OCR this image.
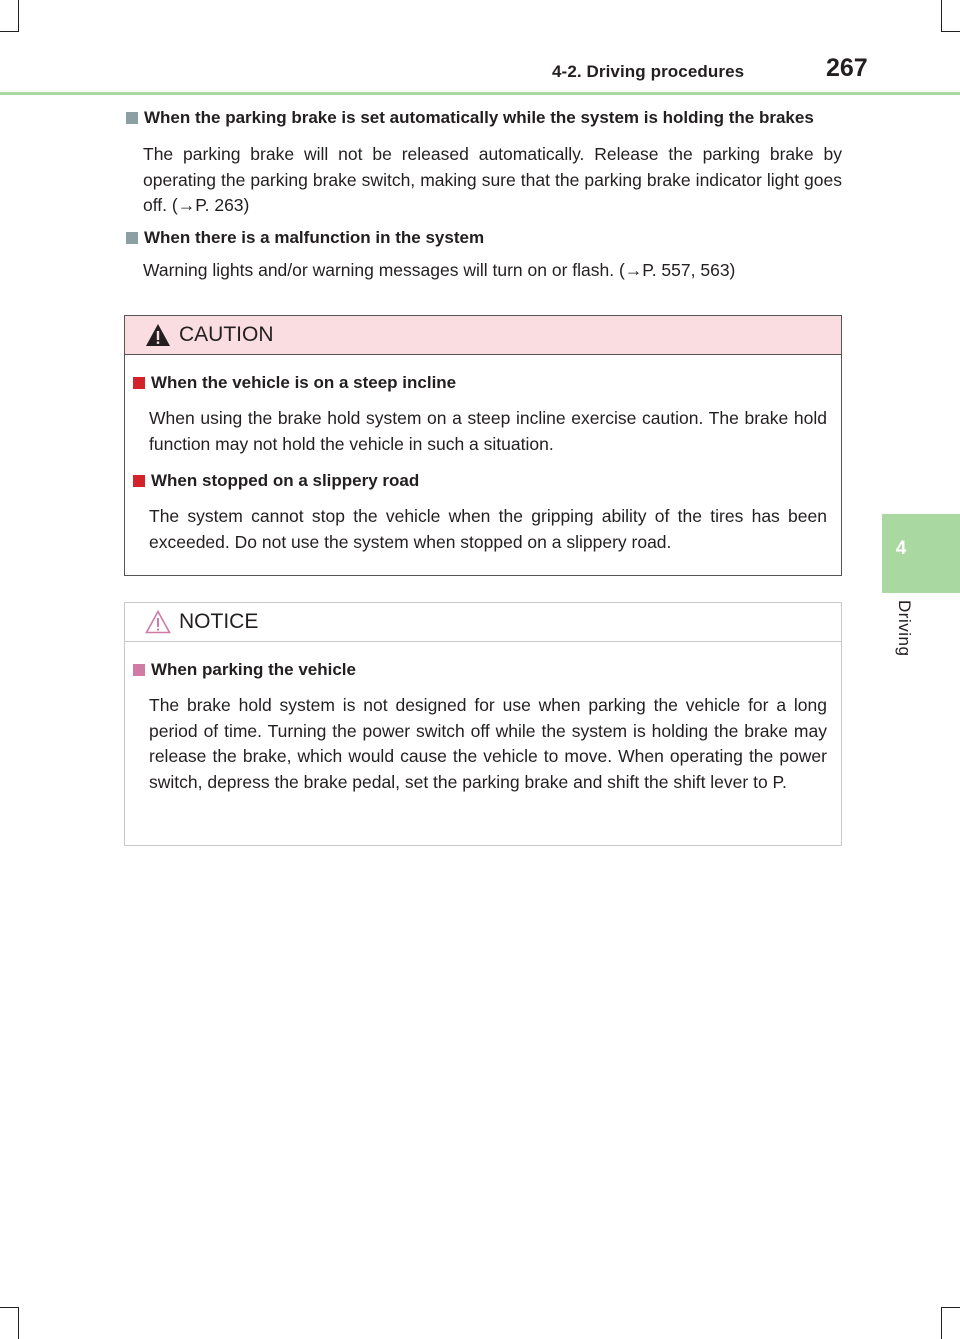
4-2. Driving procedures	267
4
Driving
When the parking brake is set automatically while the system is holding the brakes
The parking brake will not be released automatically. Release the parking brake by operating the parking brake switch, making sure that the parking brake indicator light goes off. (→P. 263)
When there is a malfunction in the system
Warning lights and/or warning messages will turn on or flash. (→P. 557, 563)
CAUTION
When the vehicle is on a steep incline
When using the brake hold system on a steep incline exercise caution. The brake hold function may not hold the vehicle in such a situation.
When stopped on a slippery road
The system cannot stop the vehicle when the gripping ability of the tires has been exceeded. Do not use the system when stopped on a slippery road.
NOTICE
When parking the vehicle
The brake hold system is not designed for use when parking the vehicle for a long period of time. Turning the power switch off while the system is holding the brake may release the brake, which would cause the vehicle to move. When operating the power switch, depress the brake pedal, set the parking brake and shift the shift lever to P.
